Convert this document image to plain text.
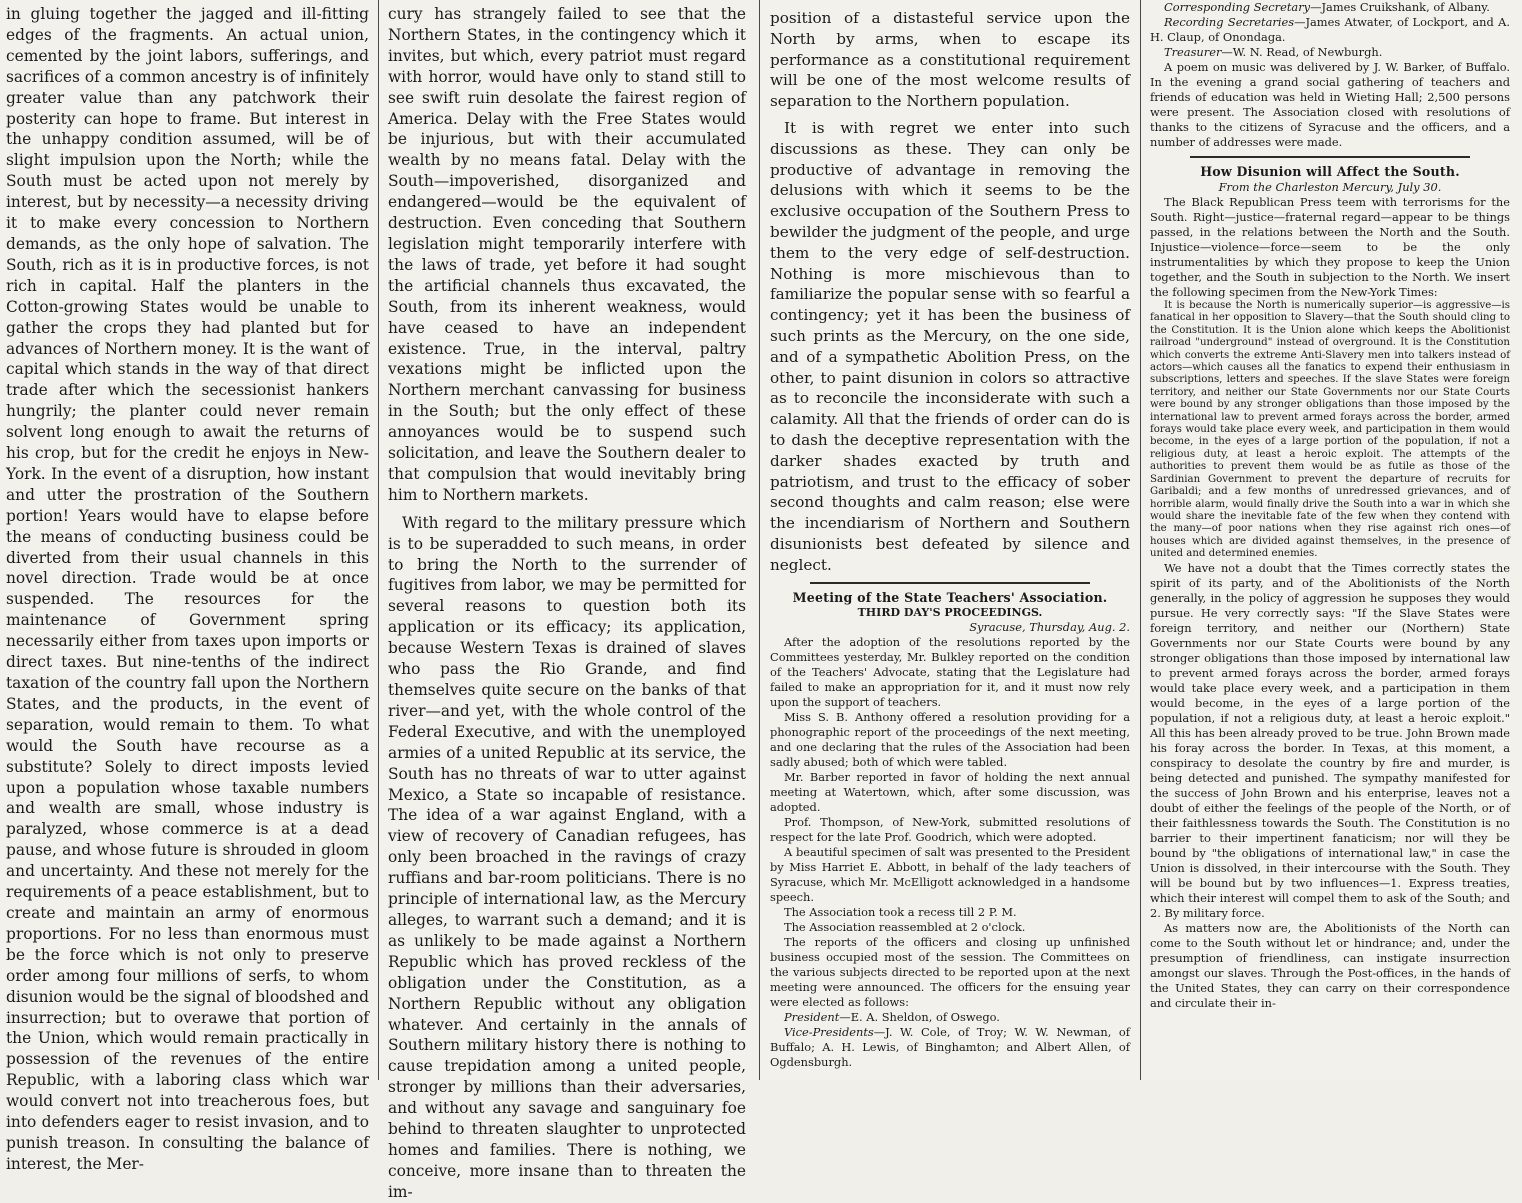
in gluing together the jagged and ill-fitting edges of the fragments. An actual union, cemented by the joint labors, sufferings, and sacrifices of a common ancestry is of infinitely greater value than any patchwork their posterity can hope to frame. But interest in the unhappy condition assumed, will be of slight impulsion upon the North; while the South must be acted upon not merely by interest, but by necessity—a necessity driving it to make every concession to Northern demands, as the only hope of salvation. The South, rich as it is in productive forces, is not rich in capital. Half the planters in the Cotton-growing States would be unable to gather the crops they had planted but for advances of Northern money. It is the want of capital which stands in the way of that direct trade after which the secessionist hankers hungrily; the planter could never remain solvent long enough to await the returns of his crop, but for the credit he enjoys in New-York. In the event of a disruption, how instant and utter the prostration of the Southern portion! Years would have to elapse before the means of conducting business could be diverted from their usual channels in this novel direction. Trade would be at once suspended. The resources for the maintenance of Government spring necessarily either from taxes upon imports or direct taxes. But nine-tenths of the indirect taxation of the country fall upon the Northern States, and the products, in the event of separation, would remain to them. To what would the South have recourse as a substitute? Solely to direct imposts levied upon a population whose taxable numbers and wealth are small, whose industry is paralyzed, whose commerce is at a dead pause, and whose future is shrouded in gloom and uncertainty. And these not merely for the requirements of a peace establishment, but to create and maintain an army of enormous proportions. For no less than enormous must be the force which is not only to preserve order among four millions of serfs, to whom disunion would be the signal of bloodshed and insurrection; but to overawe that portion of the Union, which would remain practically in possession of the revenues of the entire Republic, with a laboring class which war would convert not into treacherous foes, but into defenders eager to resist invasion, and to punish treason. In consulting the balance of interest, the Mer-

cury has strangely failed to see that the Northern States, in the contingency which it invites, but which, every patriot must regard with horror, would have only to stand still to see swift ruin desolate the fairest region of America. Delay with the Free States would be injurious, but with their accumulated wealth by no means fatal. Delay with the South—impoverished, disorganized and endangered—would be the equivalent of destruction. Even conceding that Southern legislation might temporarily interfere with the laws of trade, yet before it had sought the artificial channels thus excavated, the South, from its inherent weakness, would have ceased to have an independent existence. True, in the interval, paltry vexations might be inflicted upon the Northern merchant canvassing for business in the South; but the only effect of these annoyances would be to suspend such solicitation, and leave the Southern dealer to that compulsion that would inevitably bring him to Northern markets.

With regard to the military pressure which is to be superadded to such means, in order to bring the North to the surrender of fugitives from labor, we may be permitted for several reasons to question both its application or its efficacy; its application, because Western Texas is drained of slaves who pass the Rio Grande, and find themselves quite secure on the banks of that river—and yet, with the whole control of the Federal Executive, and with the unemployed armies of a united Republic at its service, the South has no threats of war to utter against Mexico, a State so incapable of resistance. The idea of a war against England, with a view of recovery of Canadian refugees, has only been broached in the ravings of crazy ruffians and bar-room politicians. There is no principle of international law, as the Mercury alleges, to warrant such a demand; and it is as unlikely to be made against a Northern Republic which has proved reckless of the obligation under the Constitution, as a Northern Republic without any obligation whatever. And certainly in the annals of Southern military history there is nothing to cause trepidation among a united people, stronger by millions than their adversaries, and without any savage and sanguinary foe behind to threaten slaughter to unprotected homes and families. There is nothing, we conceive, more insane than to threaten the im-

position of a distasteful service upon the North by arms, when to escape its performance as a constitutional requirement will be one of the most welcome results of separation to the Northern population.

It is with regret we enter into such discussions as these. They can only be productive of advantage in removing the delusions with which it seems to be the exclusive occupation of the Southern Press to bewilder the judgment of the people, and urge them to the very edge of self-destruction. Nothing is more mischievous than to familiarize the popular sense with so fearful a contingency; yet it has been the business of such prints as the Mercury, on the one side, and of a sympathetic Abolition Press, on the other, to paint disunion in colors so attractive as to reconcile the inconsiderate with such a calamity. All that the friends of order can do is to dash the deceptive representation with the darker shades exacted by truth and patriotism, and trust to the efficacy of sober second thoughts and calm reason; else were the incendiarism of Northern and Southern disunionists best defeated by silence and neglect.

Meeting of the State Teachers' Association.
THIRD DAY'S PROCEEDINGS.
Syracuse, Thursday, Aug. 2.

After the adoption of the resolutions reported by the Committees yesterday, Mr. Bulkley reported on the condition of the Teachers' Advocate, stating that the Legislature had failed to make an appropriation for it, and it must now rely upon the support of teachers.

Miss S. B. Anthony offered a resolution providing for a phonographic report of the proceedings of the next meeting, and one declaring that the rules of the Association had been sadly abused; both of which were tabled.

Mr. Barber reported in favor of holding the next annual meeting at Watertown, which, after some discussion, was adopted.

Prof. Thompson, of New-York, submitted resolutions of respect for the late Prof. Goodrich, which were adopted.

A beautiful specimen of salt was presented to the President by Miss Harriet E. Abbott, in behalf of the lady teachers of Syracuse, which Mr. McElligott acknowledged in a handsome speech.

The Association took a recess till 2 P. M.

The Association reassembled at 2 o'clock.

The reports of the officers and closing up unfinished business occupied most of the session. The Committees on the various subjects directed to be reported upon at the next meeting were announced. The officers for the ensuing year were elected as follows:

President—E. A. Sheldon, of Oswego.

Vice-Presidents—J. W. Cole, of Troy; W. W. Newman, of Buffalo; A. H. Lewis, of Binghamton; and Albert Allen, of Ogdensburgh.

Corresponding Secretary—James Cruikshank, of Albany.

Recording Secretaries—James Atwater, of Lockport, and A. H. Claup, of Onondaga.

Treasurer—W. N. Read, of Newburgh.

A poem on music was delivered by J. W. Barker, of Buffalo. In the evening a grand social gathering of teachers and friends of education was held in Wieting Hall; 2,500 persons were present. The Association closed with resolutions of thanks to the citizens of Syracuse and the officers, and a number of addresses were made.

How Disunion will Affect the South.
From the Charleston Mercury, July 30.

The Black Republican Press teem with terrorisms for the South. Right—justice—fraternal regard—appear to be things passed, in the relations between the North and the South. Injustice—violence—force—seem to be the only instrumentalities by which they propose to keep the Union together, and the South in subjection to the North. We insert the following specimen from the New-York Times:

It is because the North is numerically superior—is aggressive—is fanatical in her opposition to Slavery—that the South should cling to the Constitution. It is the Union alone which keeps the Abolitionist railroad "underground" instead of overground. It is the Constitution which converts the extreme Anti-Slavery men into talkers instead of actors—which causes all the fanatics to expend their enthusiasm in subscriptions, letters and speeches. If the slave States were foreign territory, and neither our State Governments nor our State Courts were bound by any stronger obligations than those imposed by the international law to prevent armed forays across the border, armed forays would take place every week, and participation in them would become, in the eyes of a large portion of the population, if not a religious duty, at least a heroic exploit. The attempts of the authorities to prevent them would be as futile as those of the Sardinian Government to prevent the departure of recruits for Garibaldi; and a few months of unredressed grievances, and of horrible alarm, would finally drive the South into a war in which she would share the inevitable fate of the few when they contend with the many—of poor nations when they rise against rich ones—of houses which are divided against themselves, in the presence of united and determined enemies.

We have not a doubt that the Times correctly states the spirit of its party, and of the Abolitionists of the North generally, in the policy of aggression he supposes they would pursue. He very correctly says: "If the Slave States were foreign territory, and neither our (Northern) State Governments nor our State Courts were bound by any stronger obligations than those imposed by international law to prevent armed forays across the border, armed forays would take place every week, and a participation in them would become, in the eyes of a large portion of the population, if not a religious duty, at least a heroic exploit." All this has been already proved to be true. John Brown made his foray across the border. In Texas, at this moment, a conspiracy to desolate the country by fire and murder, is being detected and punished. The sympathy manifested for the success of John Brown and his enterprise, leaves not a doubt of either the feelings of the people of the North, or of their faithlessness towards the South. The Constitution is no barrier to their impertinent fanaticism; nor will they be bound by "the obligations of international law," in case the Union is dissolved, in their intercourse with the South. They will be bound but by two influences—1. Express treaties, which their interest will compel them to ask of the South; and 2. By military force.

As matters now are, the Abolitionists of the North can come to the South without let or hindrance; and, under the presumption of friendliness, can instigate insurrection amongst our slaves. Through the Post-offices, in the hands of the United States, they can carry on their correspondence and circulate their in-
